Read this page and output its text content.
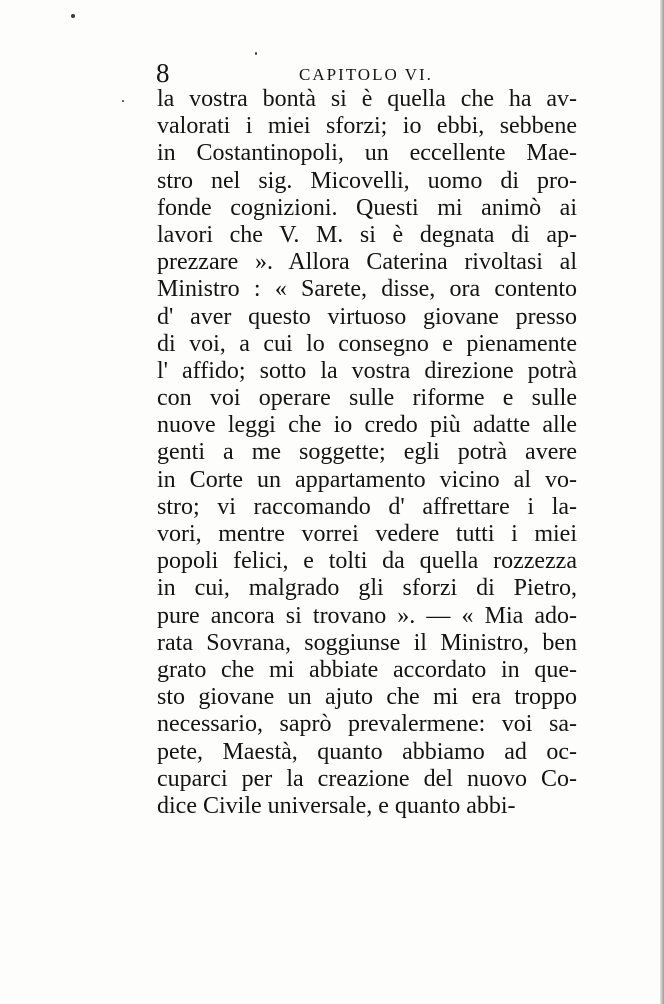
8	CAPITOLO VI.
la vostra bontà si è quella che ha av-
valorati i miei sforzi; io ebbi, sebbene
in Costantinopoli, un eccellente Mae-
stro nel sig. Micovelli, uomo di pro-
fonde cognizioni. Questi mi animò ai
lavori che V. M. si è degnata di ap-
prezzare ». Allora Caterina rivoltasi al
Ministro : « Sarete, disse, ora contento
d' aver questo virtuoso giovane presso
di voi, a cui lo consegno e pienamente
l' affido; sotto la vostra direzione potrà
con voi operare sulle riforme e sulle
nuove leggi che io credo più adatte alle
genti a me soggette; egli potrà avere
in Corte un appartamento vicino al vo-
stro; vi raccomando d' affrettare i la-
vori, mentre vorrei vedere tutti i miei
popoli felici, e tolti da quella rozzezza
in cui, malgrado gli sforzi di Pietro,
pure ancora si trovano ». — « Mia ado-
rata Sovrana, soggiunse il Ministro, ben
grato che mi abbiate accordato in que-
sto giovane un ajuto che mi era troppo
necessario, saprò prevalermene: voi sa-
pete, Maestà, quanto abbiamo ad oc-
cuparci per la creazione del nuovo Co-
dice Civile universale, e quanto abbi-
